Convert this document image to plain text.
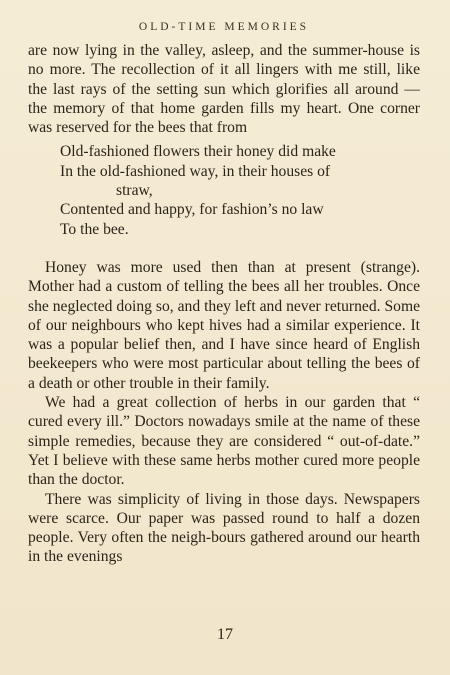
OLD-TIME MEMORIES

are now lying in the valley, asleep, and the summer-house is no more. The recollection of it all lingers with me still, like the last rays of the setting sun which glorifies all around — the memory of that home garden fills my heart. One corner was reserved for the bees that from

Old-fashioned flowers their honey did make
In the old-fashioned way, in their houses of
straw,
Contented and happy, for fashion’s no law
To the bee.

Honey was more used then than at present (strange). Mother had a custom of telling the bees all her troubles. Once she neglected doing so, and they left and never returned. Some of our neighbours who kept hives had a similar experience. It was a popular belief then, and I have since heard of English beekeepers who were most particular about telling the bees of a death or other trouble in their family.

We had a great collection of herbs in our garden that “ cured every ill.” Doctors nowadays smile at the name of these simple remedies, because they are considered “ out-of-date.” Yet I believe with these same herbs mother cured more people than the doctor.

There was simplicity of living in those days. Newspapers were scarce. Our paper was passed round to half a dozen people. Very often the neigh-bours gathered around our hearth in the evenings

17
